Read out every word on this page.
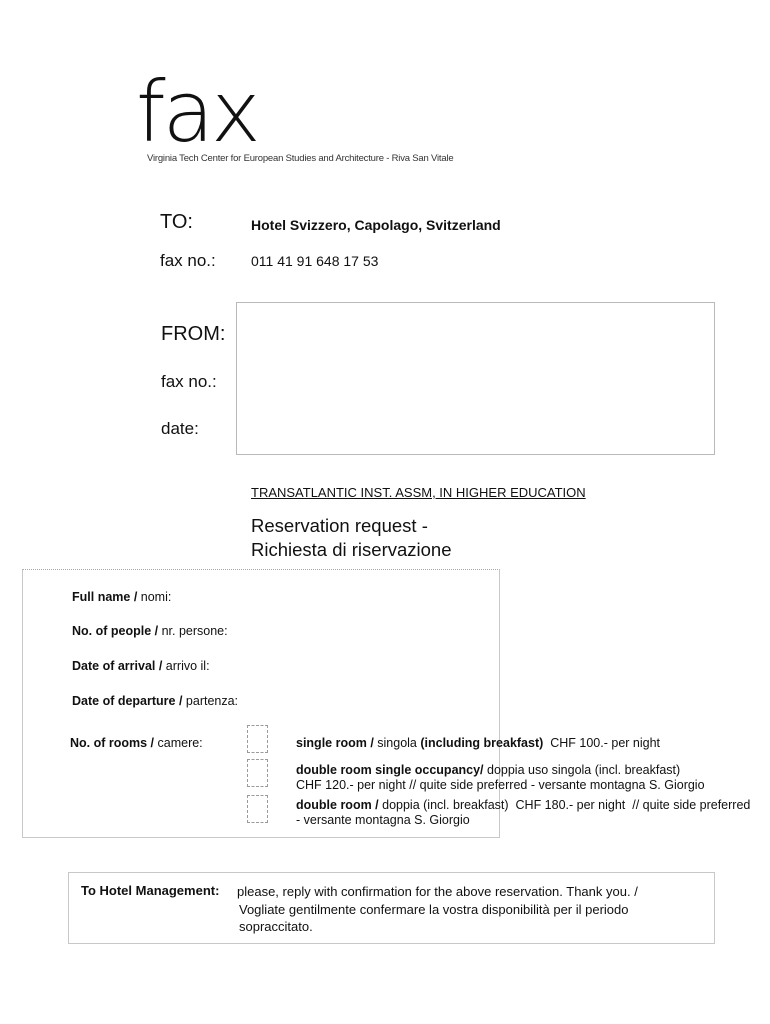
fax
Virginia Tech Center for European Studies and Architecture - Riva San Vitale
TO:	Hotel Svizzero, Capolago, Svitzerland
fax no.:	011 41 91 648 17 53
FROM:
fax no.:
date:
TRANSATLANTIC INST. ASSM, IN HIGHER EDUCATION
Reservation request -
Richiesta di riservazione
Full name / nomi:
No. of people / nr. persone:
Date of arrival / arrivo il:
Date of departure / partenza:
No. of rooms / camere:	single room / singola (including breakfast)  CHF 100.- per night
double room single occupancy/ doppia uso singola (incl. breakfast)
CHF 120.- per night // quite side preferred - versante montagna S. Giorgio
double room / doppia (incl. breakfast)  CHF 180.- per night  // quite side preferred
- versante montagna S. Giorgio
To Hotel Management: please, reply with confirmation for the above reservation. Thank you. /
Vogliate gentilmente confermare la vostra disponibilità per il periodo
sopraccitato.
